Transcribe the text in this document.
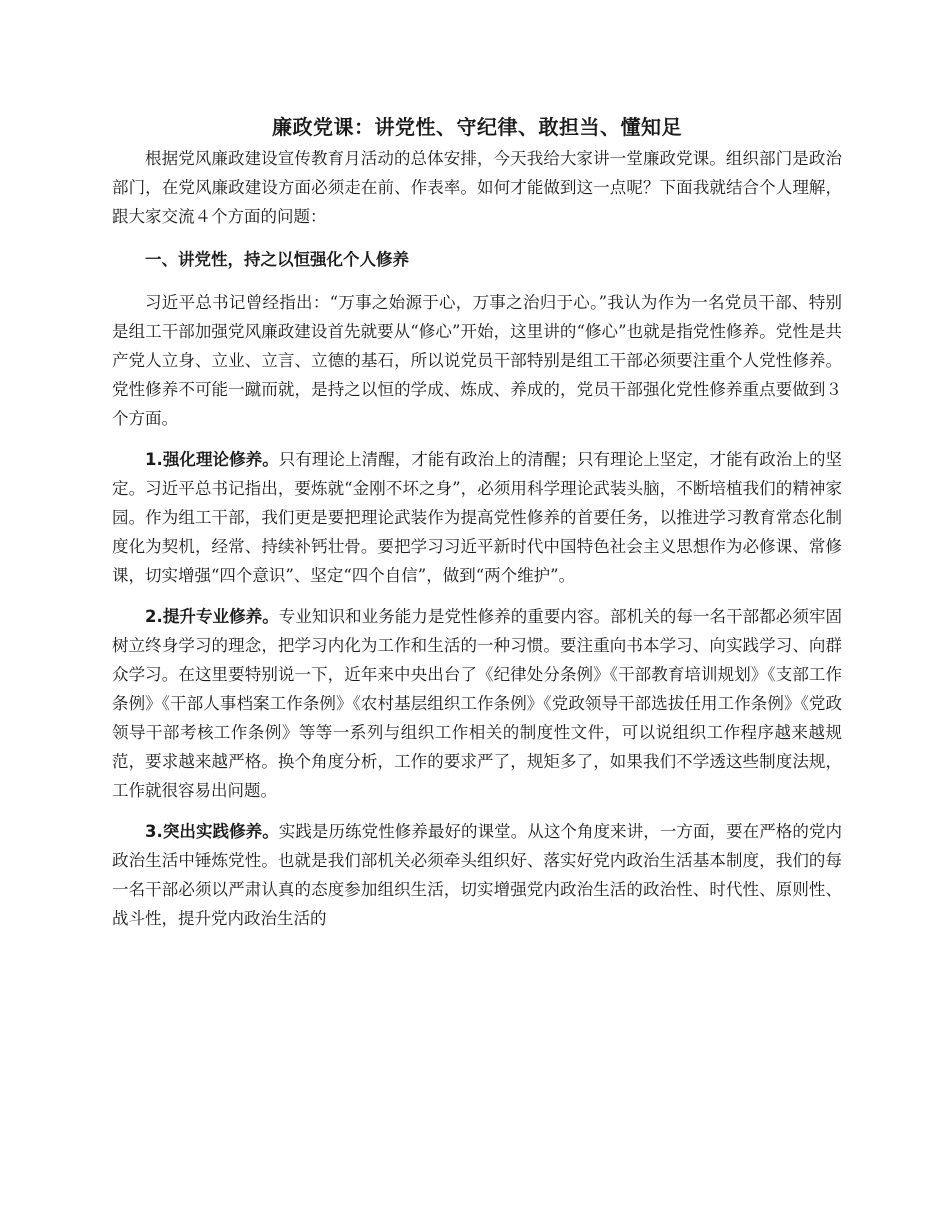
廉政党课：讲党性、守纪律、敢担当、懂知足

根据党风廉政建设宣传教育月活动的总体安排，今天我给大家讲一堂廉政党课。组织部门是政治部门，在党风廉政建设方面必须走在前、作表率。如何才能做到这一点呢？下面我就结合个人理解，跟大家交流４个方面的问题：

一、讲党性，持之以恒强化个人修养

习近平总书记曾经指出：“万事之始源于心，万事之治归于心。”我认为作为一名党员干部、特别是组工干部加强党风廉政建设首先就要从“修心”开始，这里讲的“修心”也就是指党性修养。党性是共产党人立身、立业、立言、立德的基石，所以说党员干部特别是组工干部必须要注重个人党性修养。党性修养不可能一蹴而就，是持之以恒的学成、炼成、养成的，党员干部强化党性修养重点要做到３个方面。

1.强化理论修养。只有理论上清醒，才能有政治上的清醒；只有理论上坚定，才能有政治上的坚定。习近平总书记指出，要炼就“金刚不坏之身”，必须用科学理论武装头脑，不断培植我们的精神家园。作为组工干部，我们更是要把理论武装作为提高党性修养的首要任务，以推进学习教育常态化制度化为契机，经常、持续补钙壮骨。要把学习习近平新时代中国特色社会主义思想作为必修课、常修课，切实增强“四个意识”、坚定“四个自信”，做到“两个维护”。

2.提升专业修养。专业知识和业务能力是党性修养的重要内容。部机关的每一名干部都必须牢固树立终身学习的理念，把学习内化为工作和生活的一种习惯。要注重向书本学习、向实践学习、向群众学习。在这里要特别说一下，近年来中央出台了《纪律处分条例》《干部教育培训规划》《支部工作条例》《干部人事档案工作条例》《农村基层组织工作条例》《党政领导干部选拔任用工作条例》《党政领导干部考核工作条例》等等一系列与组织工作相关的制度性文件，可以说组织工作程序越来越规范，要求越来越严格。换个角度分析，工作的要求严了，规矩多了，如果我们不学透这些制度法规，工作就很容易出问题。

3.突出实践修养。实践是历练党性修养最好的课堂。从这个角度来讲，一方面，要在严格的党内政治生活中锤炼党性。也就是我们部机关必须牵头组织好、落实好党内政治生活基本制度，我们的每一名干部必须以严肃认真的态度参加组织生活，切实增强党内政治生活的政治性、时代性、原则性、战斗性，提升党内政治生活的
